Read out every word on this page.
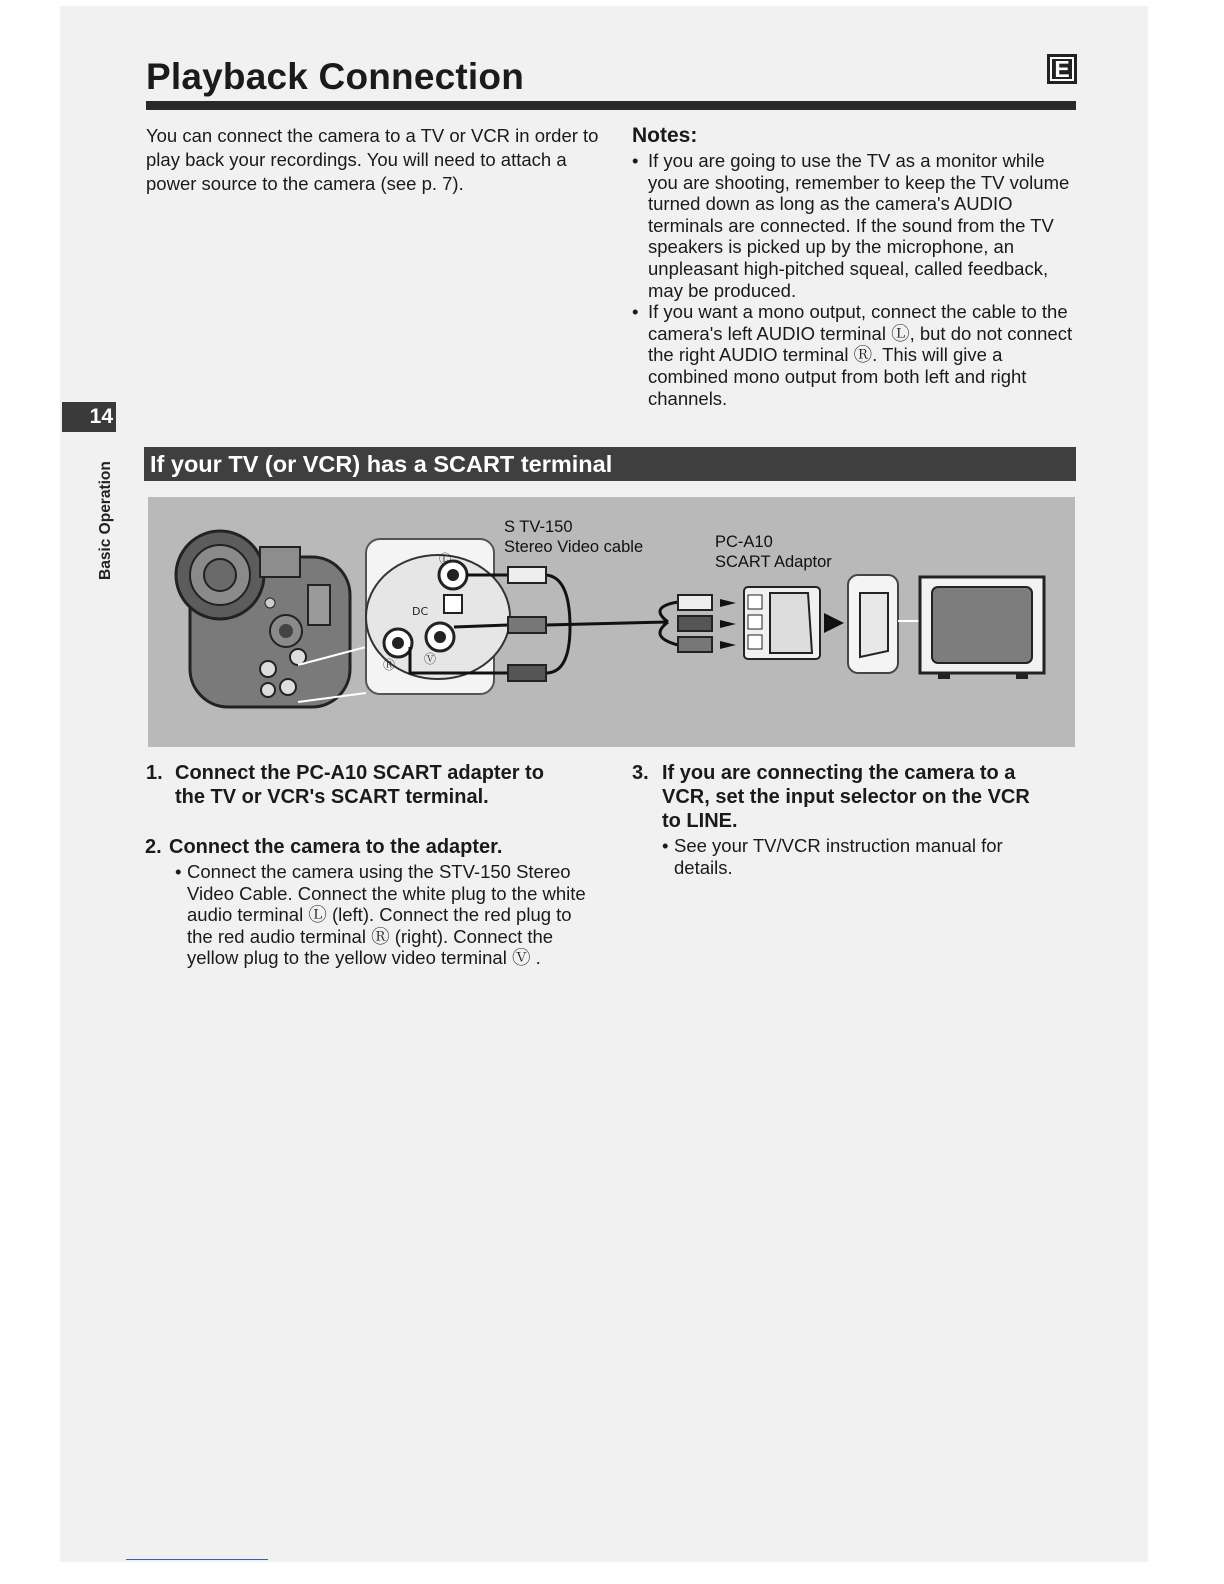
Playback Connection	E

You can connect the camera to a TV or VCR in order to play back your recordings. You will need to attach a power source to the camera (see p. 7).

Notes:

• If you are going to use the TV as a monitor while you are shooting, remember to keep the TV volume turned down as long as the camera's AUDIO terminals are connected. If the sound from the TV speakers is picked up by the microphone, an unpleasant high-pitched squeal, called feedback, may be produced.
• If you want a mono output, connect the cable to the camera's left AUDIO terminal Ⓛ, but do not connect the right AUDIO terminal Ⓡ. This will give a combined mono output from both left and right channels.
14
Basic Operation If your TV (or VCR) has a SCART terminal
Ⓛ
DC
Ⓡ Ⓥ
S TV-150
Stereo Video cable	PC-A10
SCART Adaptor

1. Connect the PC-A10 SCART adapter to
the TV or VCR's SCART terminal.

2. Connect the camera to the adapter.

• Connect the camera using the STV-150 Stereo Video Cable. Connect the white plug to the white audio terminal Ⓛ (left). Connect the red plug to the red audio terminal Ⓡ (right). Connect the yellow plug to the yellow video terminal Ⓥ .

3. If you are connecting the camera to a
VCR, set the input selector on the VCR
to LINE.

• See your TV/VCR instruction manual for details.
